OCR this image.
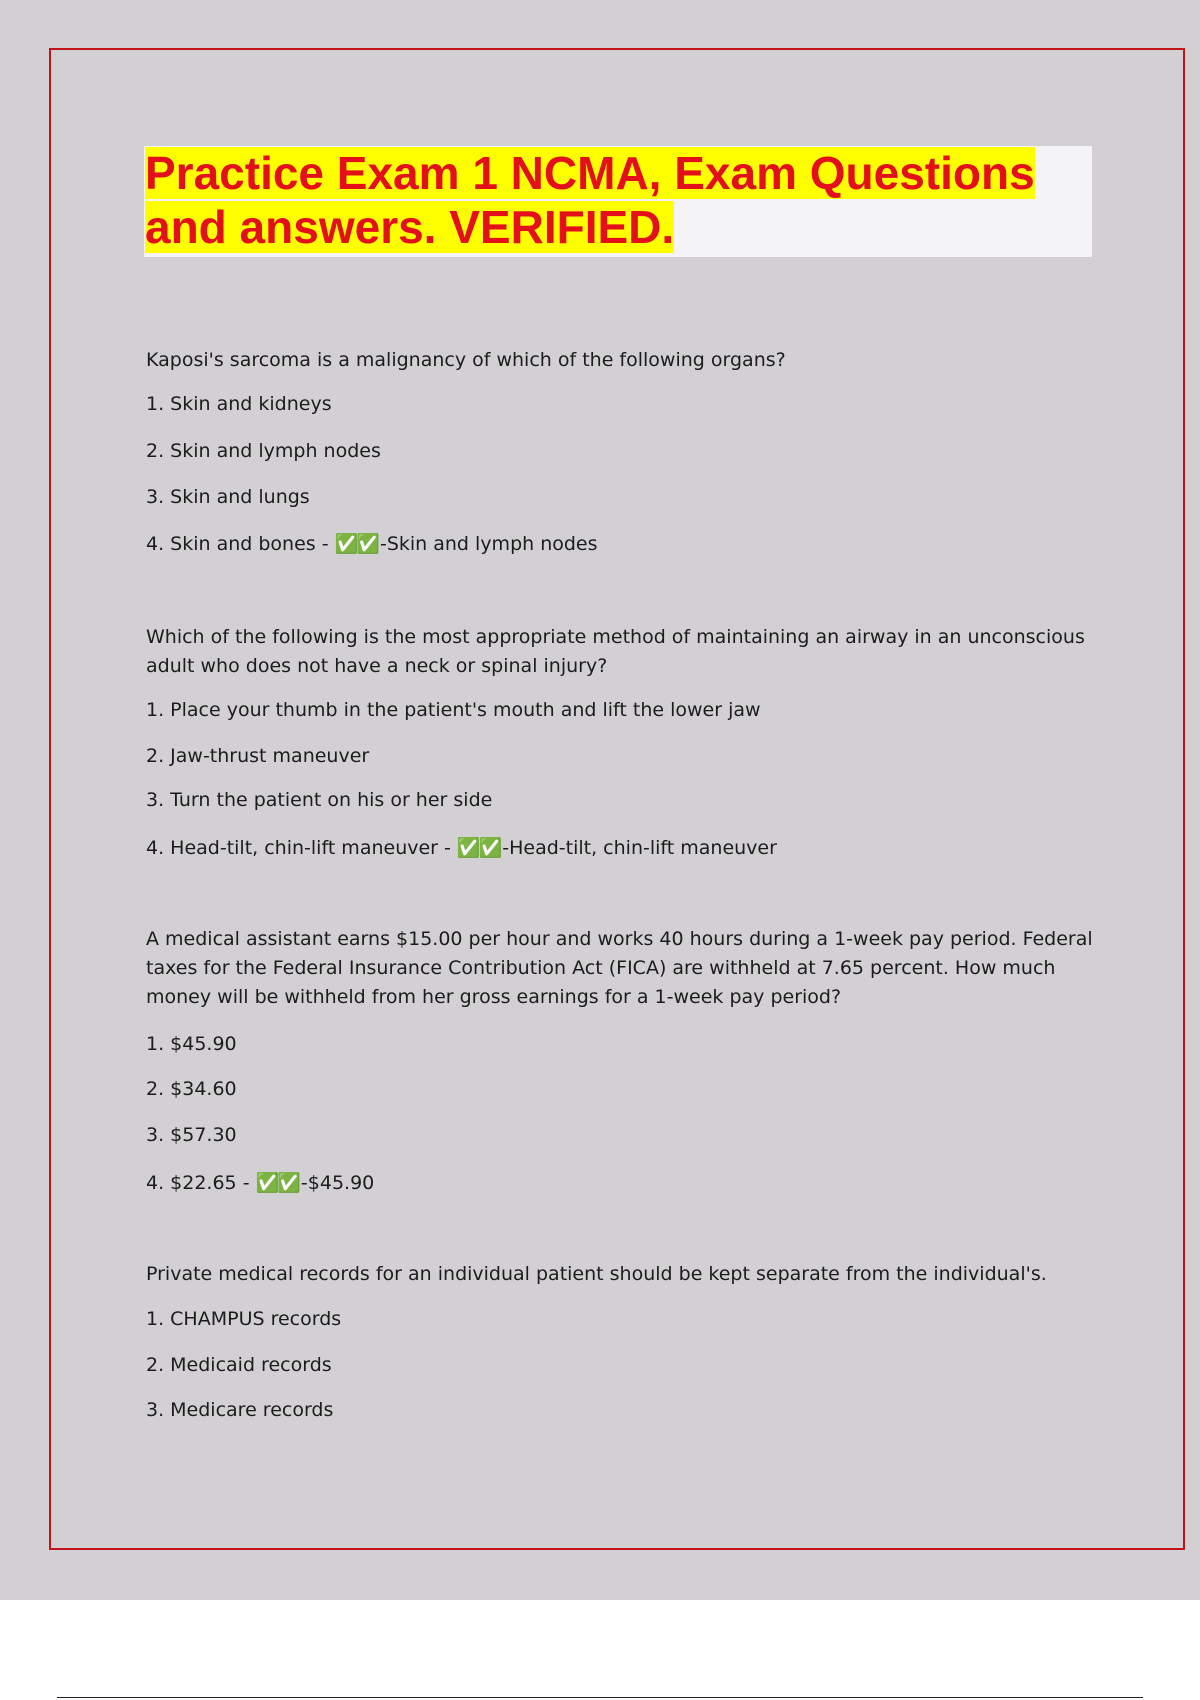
Practice Exam 1 NCMA, Exam Questions
and answers. VERIFIED.
Kaposi's sarcoma is a malignancy of which of the following organs?
1. Skin and kidneys
2. Skin and lymph nodes
3. Skin and lungs
4. Skin and bones - ✅✅ -Skin and lymph nodes
Which of the following is the most appropriate method of maintaining an airway in an unconscious adult who does not have a neck or spinal injury?
1. Place your thumb in the patient's mouth and lift the lower jaw
2. Jaw-thrust maneuver
3. Turn the patient on his or her side
4. Head-tilt, chin-lift maneuver - ✅✅ -Head-tilt, chin-lift maneuver
A medical assistant earns $15.00 per hour and works 40 hours during a 1-week pay period. Federal taxes for the Federal Insurance Contribution Act (FICA) are withheld at 7.65 percent. How much money will be withheld from her gross earnings for a 1-week pay period?
1. $45.90
2. $34.60
3. $57.30
4. $22.65 - ✅✅ -$45.90
Private medical records for an individual patient should be kept separate from the individual's.
1. CHAMPUS records
2. Medicaid records
3. Medicare records
